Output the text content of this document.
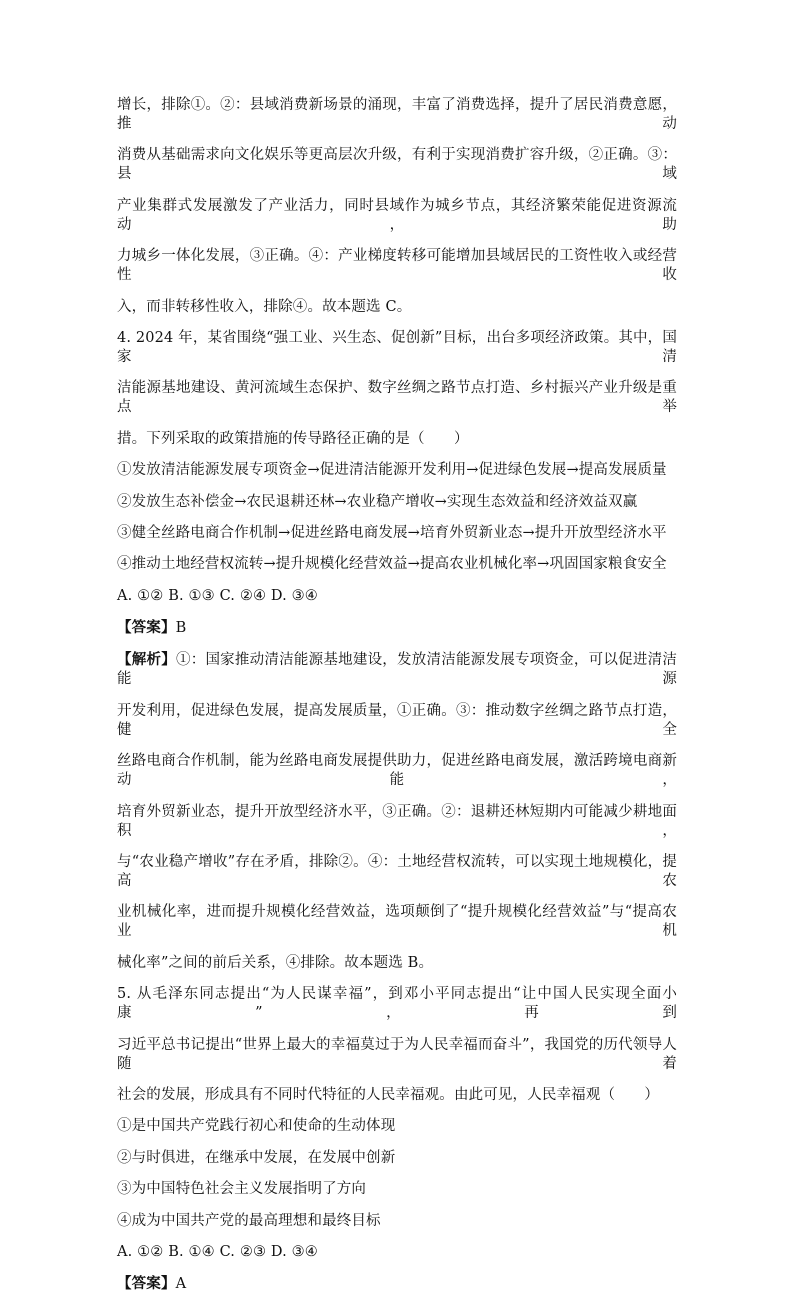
增长，排除①。②：县域消费新场景的涌现，丰富了消费选择，提升了居民消费意愿，推动
消费从基础需求向文化娱乐等更高层次升级，有利于实现消费扩容升级，②正确。③：县域
产业集群式发展激发了产业活力，同时县域作为城乡节点，其经济繁荣能促进资源流动，助
力城乡一体化发展，③正确。④：产业梯度转移可能增加县域居民的工资性收入或经营性收
入，而非转移性收入，排除④。故本题选 C。
4. 2024 年，某省围绕“强工业、兴生态、促创新”目标，出台多项经济政策。其中，国家清
洁能源基地建设、黄河流域生态保护、数字丝绸之路节点打造、乡村振兴产业升级是重点举
措。下列采取的政策措施的传导路径正确的是（　　）
①发放清洁能源发展专项资金→促进清洁能源开发利用→促进绿色发展→提高发展质量
②发放生态补偿金→农民退耕还林→农业稳产增收→实现生态效益和经济效益双赢
③健全丝路电商合作机制→促进丝路电商发展→培育外贸新业态→提升开放型经济水平
④推动土地经营权流转→提升规模化经营效益→提高农业机械化率→巩固国家粮食安全
A. ①② B. ①③ C. ②④ D. ③④
【答案】B
【解析】①：国家推动清洁能源基地建设，发放清洁能源发展专项资金，可以促进清洁能源
开发利用，促进绿色发展，提高发展质量，①正确。③：推动数字丝绸之路节点打造，健全
丝路电商合作机制，能为丝路电商发展提供助力，促进丝路电商发展，激活跨境电商新动能，
培育外贸新业态，提升开放型经济水平，③正确。②：退耕还林短期内可能减少耕地面积，
与“农业稳产增收”存在矛盾，排除②。④：土地经营权流转，可以实现土地规模化，提高农
业机械化率，进而提升规模化经营效益，选项颠倒了“提升规模化经营效益”与“提高农业机
械化率”之间的前后关系，④排除。故本题选 B。
5. 从毛泽东同志提出“为人民谋幸福”，到邓小平同志提出“让中国人民实现全面小康”，再到
习近平总书记提出“世界上最大的幸福莫过于为人民幸福而奋斗”，我国党的历代领导人随着
社会的发展，形成具有不同时代特征的人民幸福观。由此可见，人民幸福观（　　）
①是中国共产党践行初心和使命的生动体现
②与时俱进，在继承中发展，在发展中创新
③为中国特色社会主义发展指明了方向
④成为中国共产党的最高理想和最终目标
A. ①② B. ①④ C. ②③ D. ③④
【答案】A
